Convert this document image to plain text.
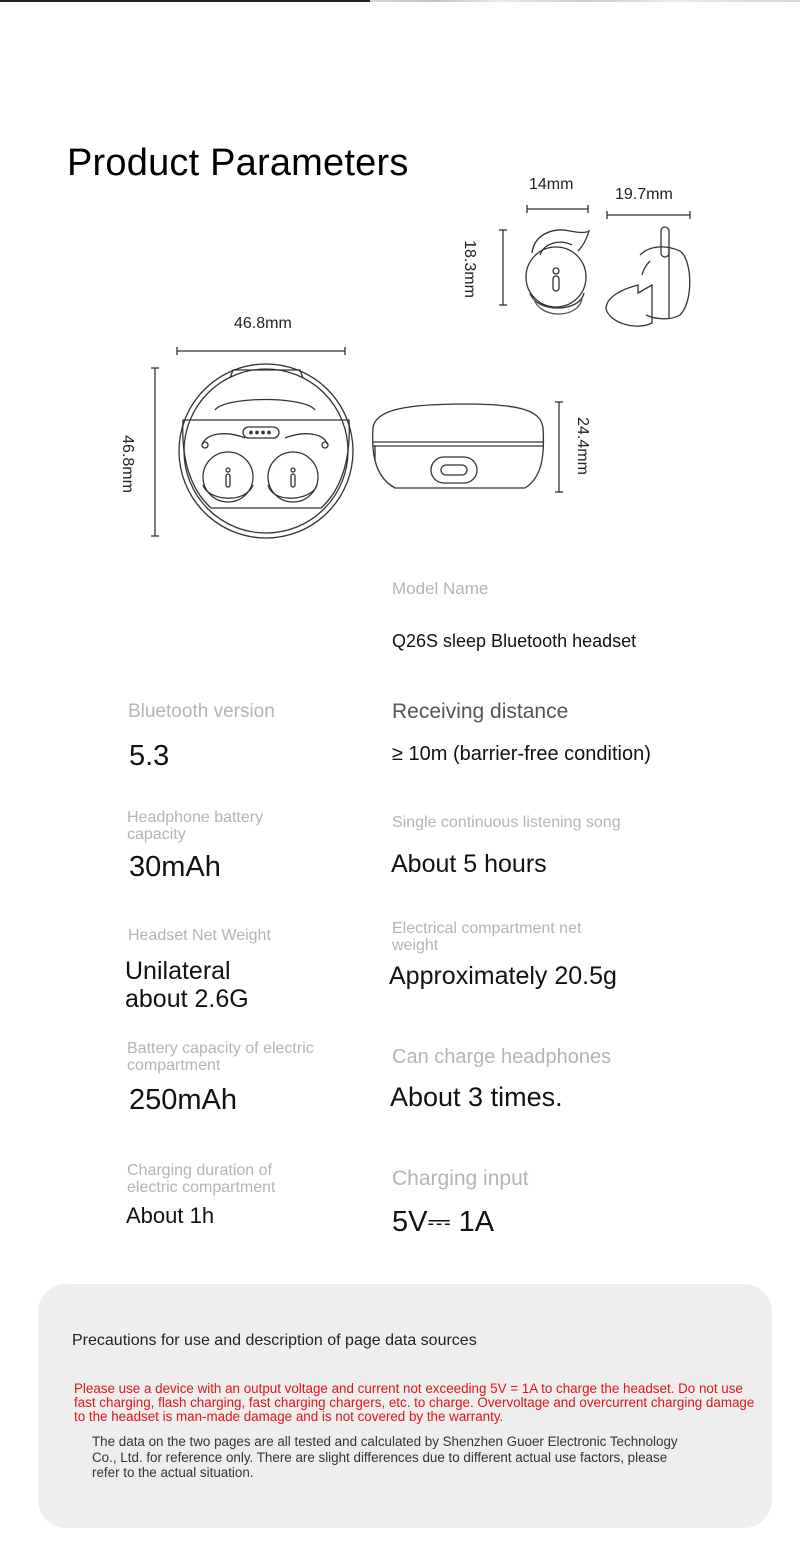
Product Parameters
14mm
19.7mm
18.3mm
46.8mm
46.8mm	24.4mm
Model Name
Q26S sleep Bluetooth headset
Bluetooth version
5.3
Receiving distance
≥ 10m (barrier-free condition)
Headphone battery capacity
30mAh
Single continuous listening song
About 5 hours
Headset Net Weight
Unilateral about 2.6G
Electrical compartment net weight
Approximately 20.5g
Battery capacity of electric compartment
250mAh
Can charge headphones
About 3 times.
Charging duration of electric compartment
About 1h
Charging input
5V⎓ 1A
Precautions for use and description of page data sources
Please use a device with an output voltage and current not exceeding 5V = 1A to charge the headset. Do not use fast charging, flash charging, fast charging chargers, etc. to charge. Overvoltage and overcurrent charging damage to the headset is man-made damage and is not covered by the warranty.
The data on the two pages are all tested and calculated by Shenzhen Guoer Electronic Technology Co., Ltd. for reference only. There are slight differences due to different actual use factors, please refer to the actual situation.
